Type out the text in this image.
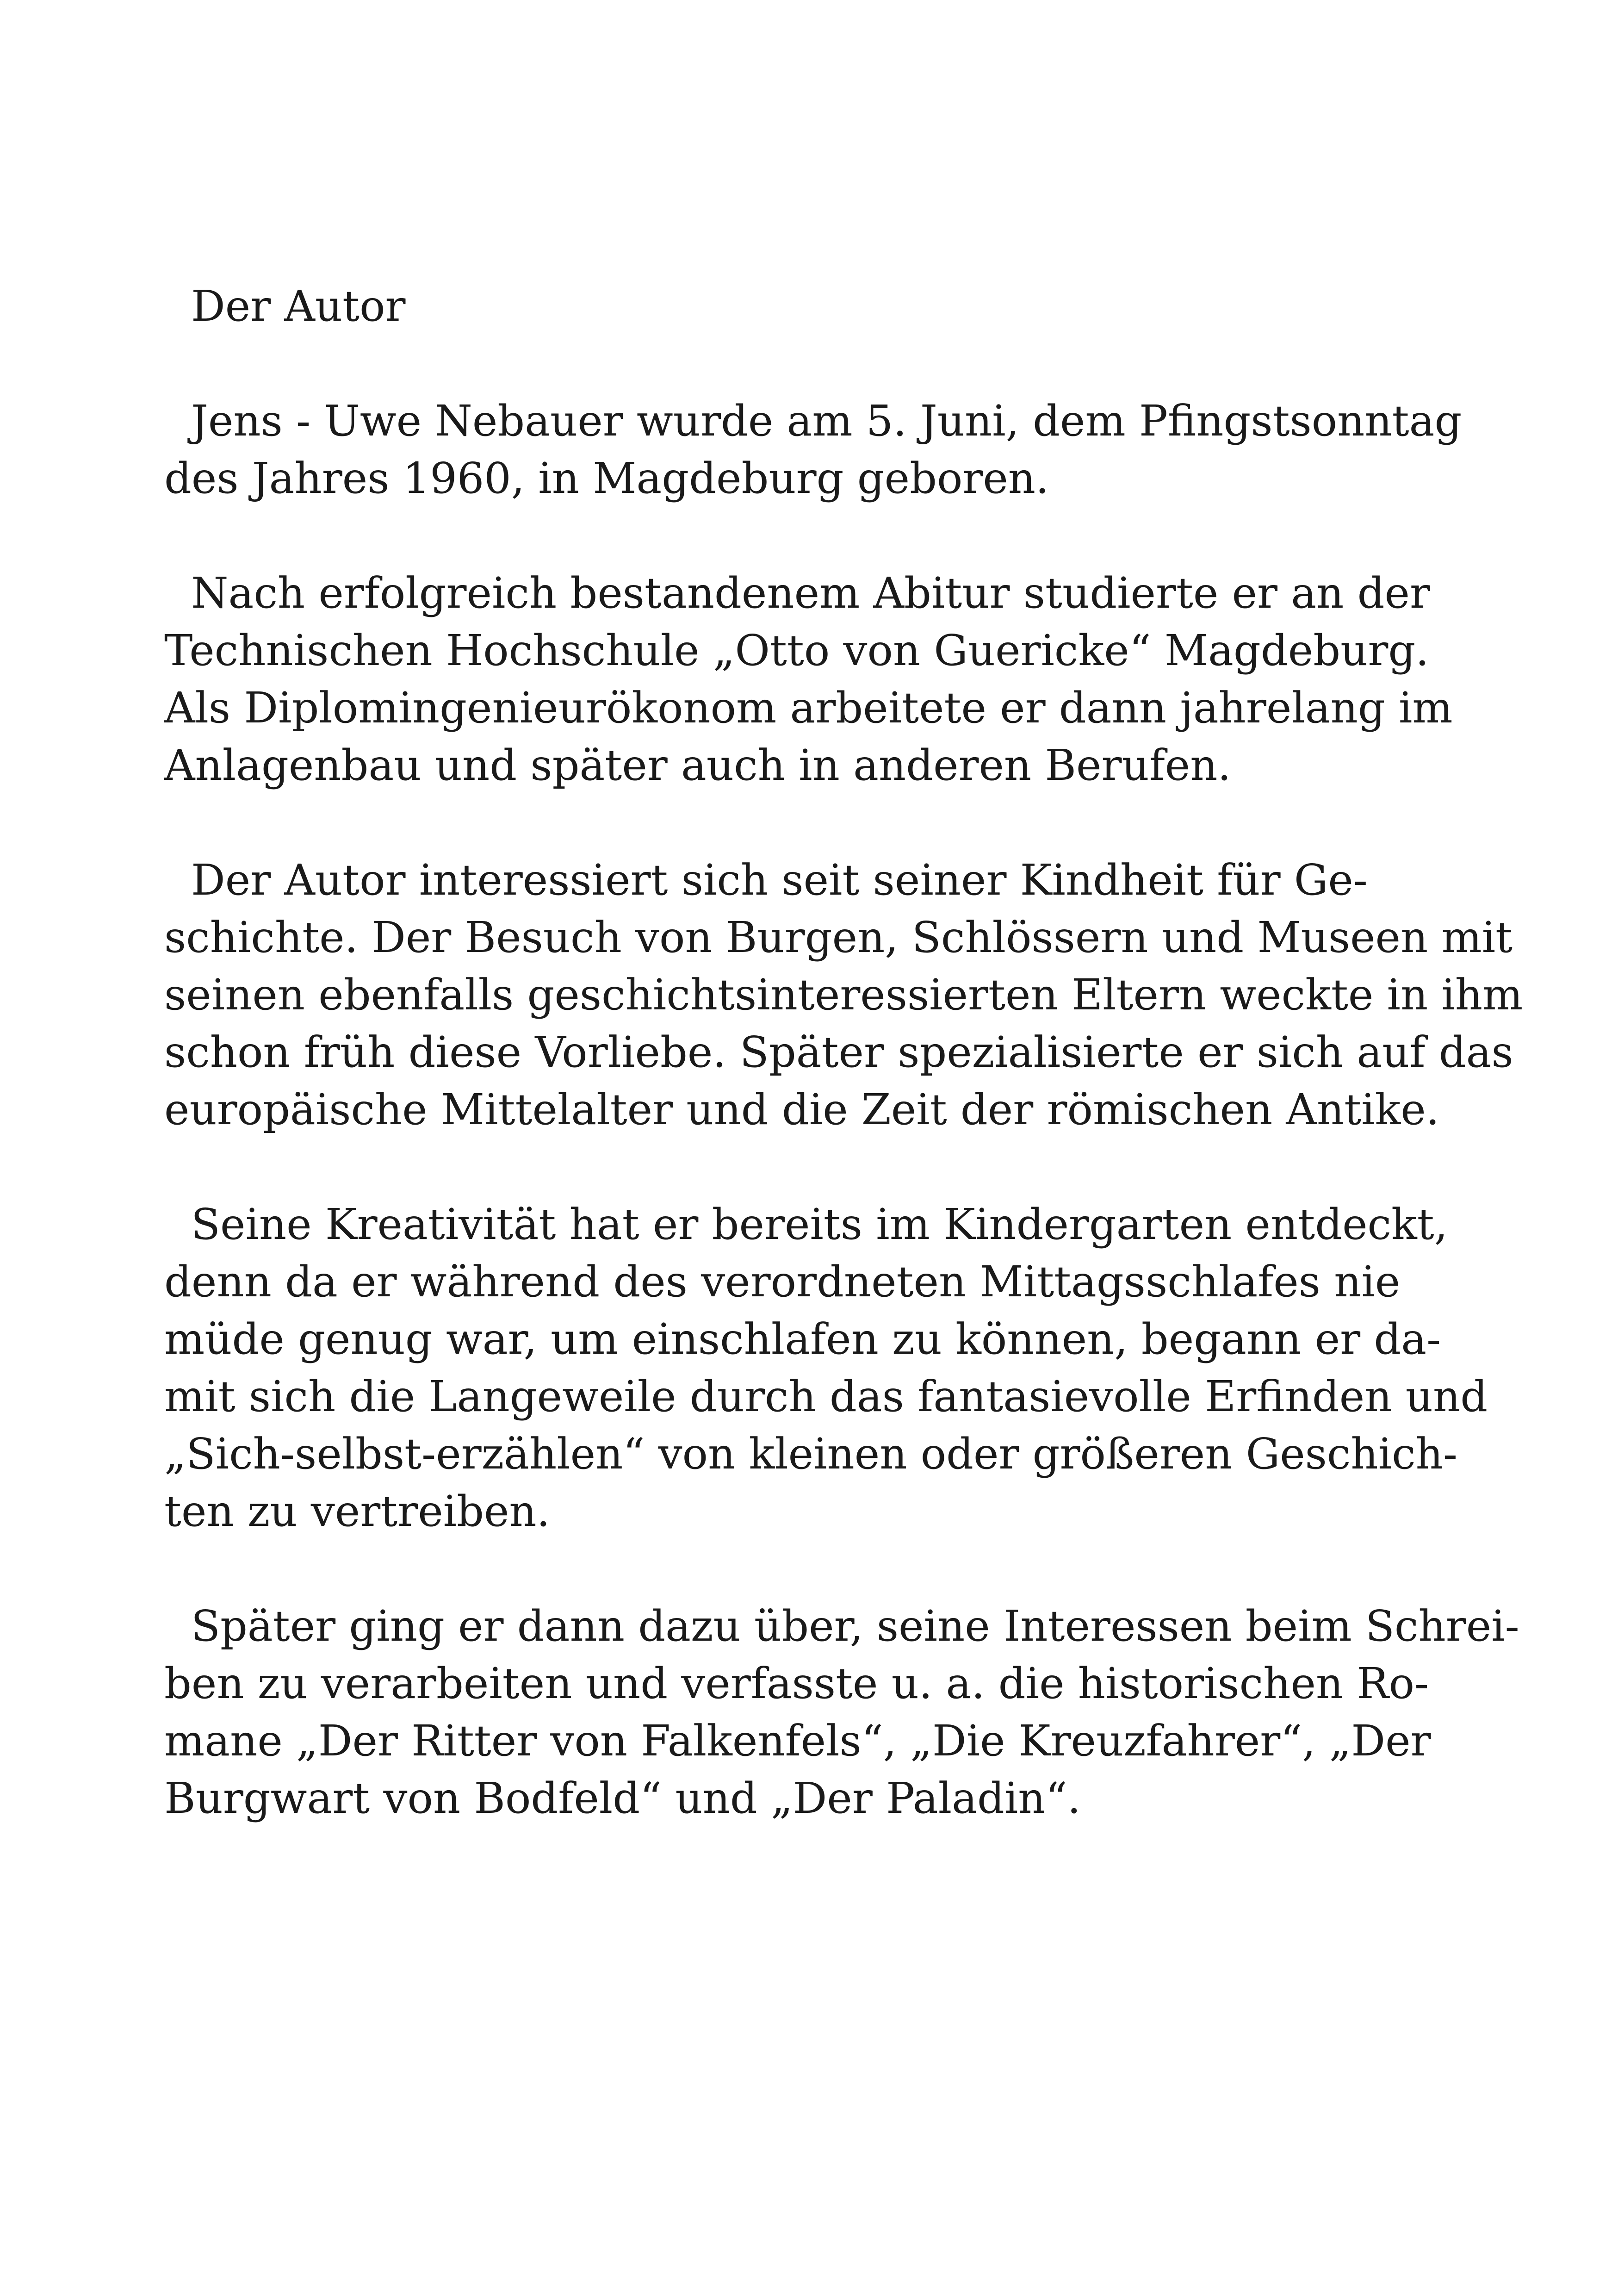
Der Autor
Jens - Uwe Nebauer wurde am 5. Juni, dem Pfingstsonntag
des Jahres 1960, in Magdeburg geboren.
Nach erfolgreich bestandenem Abitur studierte er an der
Technischen Hochschule „Otto von Guericke“ Magdeburg.
Als Diplomingenieurökonom arbeitete er dann jahrelang im
Anlagenbau und später auch in anderen Berufen.
Der Autor interessiert sich seit seiner Kindheit für Ge-
schichte. Der Besuch von Burgen, Schlössern und Museen mit
seinen ebenfalls geschichtsinteressierten Eltern weckte in ihm
schon früh diese Vorliebe. Später spezialisierte er sich auf das
europäische Mittelalter und die Zeit der römischen Antike.
Seine Kreativität hat er bereits im Kindergarten entdeckt,
denn da er während des verordneten Mittagsschlafes nie
müde genug war, um einschlafen zu können, begann er da-
mit sich die Langeweile durch das fantasievolle Erfinden und
„Sich-selbst-erzählen“ von kleinen oder größeren Geschich-
ten zu vertreiben.
Später ging er dann dazu über, seine Interessen beim Schrei-
ben zu verarbeiten und verfasste u. a. die historischen Ro-
mane „Der Ritter von Falkenfels“, „Die Kreuzfahrer“, „Der
Burgwart von Bodfeld“ und „Der Paladin“.
